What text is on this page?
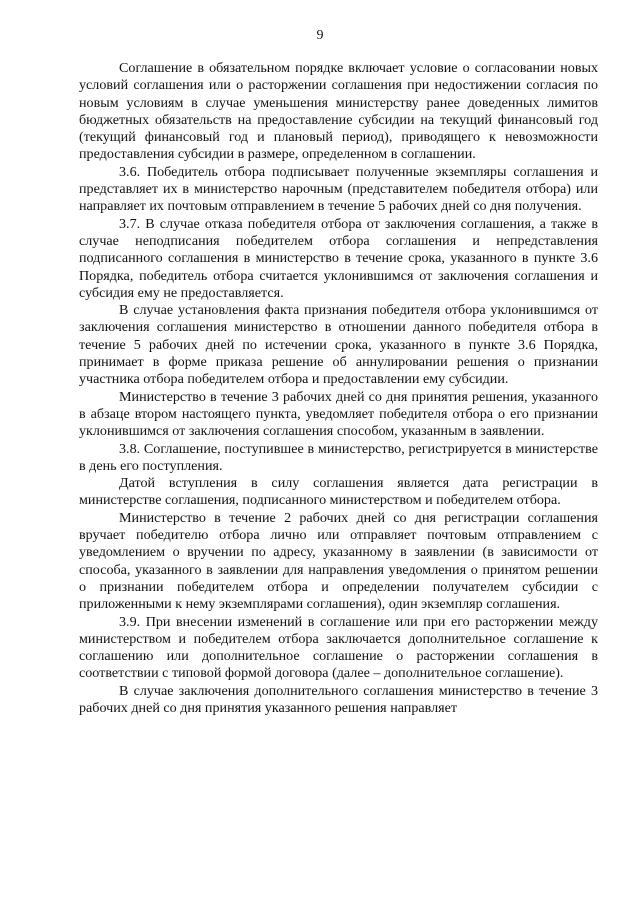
9

Соглашение в обязательном порядке включает условие о согласовании новых условий соглашения или о расторжении соглашения при недостижении согласия по новым условиям в случае уменьшения министерству ранее доведенных лимитов бюджетных обязательств на предоставление субсидии на текущий финансовый год (текущий финансовый год и плановый период), приводящего к невозможности предоставления субсидии в размере, определенном в соглашении.

3.6. Победитель отбора подписывает полученные экземпляры соглашения и представляет их в министерство нарочным (представителем победителя отбора) или направляет их почтовым отправлением в течение 5 рабочих дней со дня получения.

3.7. В случае отказа победителя отбора от заключения соглашения, а также в случае неподписания победителем отбора соглашения и непредставления подписанного соглашения в министерство в течение срока, указанного в пункте 3.6 Порядка, победитель отбора считается уклонившимся от заключения соглашения и субсидия ему не предоставляется.

В случае установления факта признания победителя отбора уклонившимся от заключения соглашения министерство в отношении данного победителя отбора в течение 5 рабочих дней по истечении срока, указанного в пункте 3.6 Порядка, принимает в форме приказа решение об аннулировании решения о признании участника отбора победителем отбора и предоставлении ему субсидии.

Министерство в течение 3 рабочих дней со дня принятия решения, указанного в абзаце втором настоящего пункта, уведомляет победителя отбора о его признании уклонившимся от заключения соглашения способом, указанным в заявлении.

3.8. Соглашение, поступившее в министерство, регистрируется в министерстве в день его поступления.

Датой вступления в силу соглашения является дата регистрации в министерстве соглашения, подписанного министерством и победителем отбора.

Министерство в течение 2 рабочих дней со дня регистрации соглашения вручает победителю отбора лично или отправляет почтовым отправлением с уведомлением о вручении по адресу, указанному в заявлении (в зависимости от способа, указанного в заявлении для направления уведомления о принятом решении о признании победителем отбора и определении получателем субсидии с приложенными к нему экземплярами соглашения), один экземпляр соглашения.

3.9. При внесении изменений в соглашение или при его расторжении между министерством и победителем отбора заключается дополнительное соглашение к соглашению или дополнительное соглашение о расторжении соглашения в соответствии с типовой формой договора (далее – дополнительное соглашение).

В случае заключения дополнительного соглашения министерство в течение 3 рабочих дней со дня принятия указанного решения направляет
